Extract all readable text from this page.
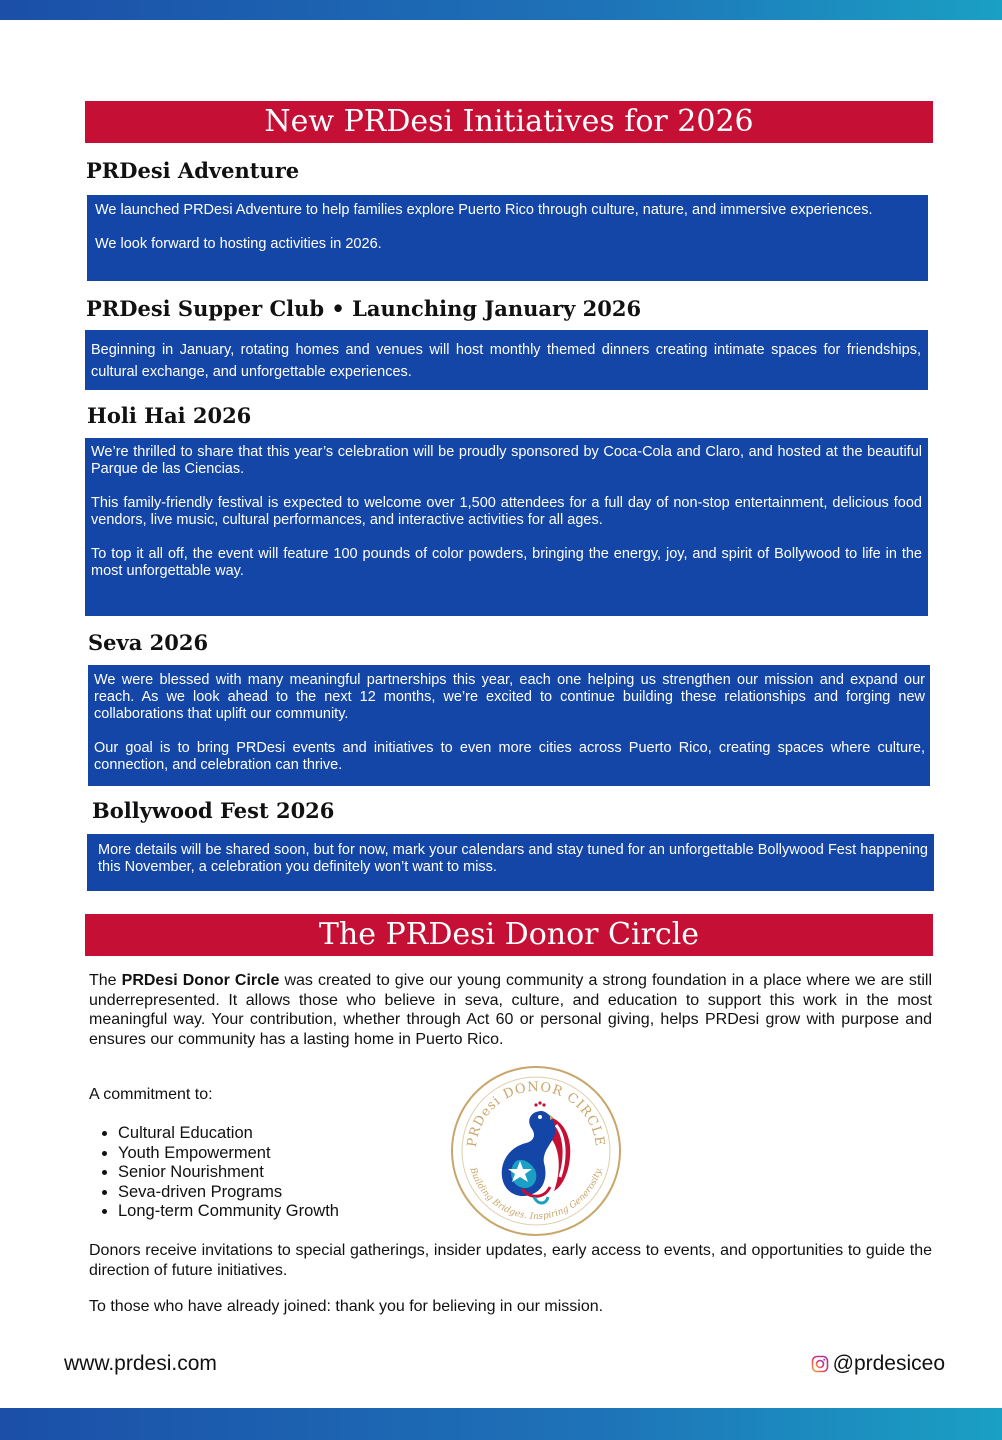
New PRDesi Initiatives for 2026
PRDesi Adventure

We launched PRDesi Adventure to help families explore Puerto Rico through culture, nature, and immersive experiences.

We look forward to hosting activities in 2026.

PRDesi Supper Club • Launching January 2026

Beginning in January, rotating homes and venues will host monthly themed dinners creating intimate spaces for friendships, cultural exchange, and unforgettable experiences.

Holi Hai 2026

We’re thrilled to share that this year’s celebration will be proudly sponsored by Coca-Cola and Claro, and hosted at the beautiful Parque de las Ciencias.

This family-friendly festival is expected to welcome over 1,500 attendees for a full day of non-stop entertainment, delicious food vendors, live music, cultural performances, and interactive activities for all ages.

To top it all off, the event will feature 100 pounds of color powders, bringing the energy, joy, and spirit of Bollywood to life in the most unforgettable way.

Seva 2026

We were blessed with many meaningful partnerships this year, each one helping us strengthen our mission and expand our reach. As we look ahead to the next 12 months, we’re excited to continue building these relationships and forging new collaborations that uplift our community.

Our goal is to bring PRDesi events and initiatives to even more cities across Puerto Rico, creating spaces where culture, connection, and celebration can thrive.

Bollywood Fest 2026

More details will be shared soon, but for now, mark your calendars and stay tuned for an unforgettable Bollywood Fest happening this November, a celebration you definitely won’t want to miss.

The PRDesi Donor Circle
The PRDesi Donor Circle was created to give our young community a strong foundation in a place where we are still underrepresented. It allows those who believe in seva, culture, and education to support this work in the most meaningful way. Your contribution, whether through Act 60 or personal giving, helps PRDesi grow with purpose and ensures our community has a lasting home in Puerto Rico.
A commitment to:
• Cultural Education
• Youth Empowerment
• Senior Nourishment
• Seva-driven Programs
• Long-term Community Growth
PRDesi DONOR CIRCLE
Building Bridges. Inspiring Generosity.
Donors receive invitations to special gatherings, insider updates, early access to events, and opportunities to guide the direction of future initiatives.
To those who have already joined: thank you for believing in our mission.
www.prdesi.com	@prdesiceo
